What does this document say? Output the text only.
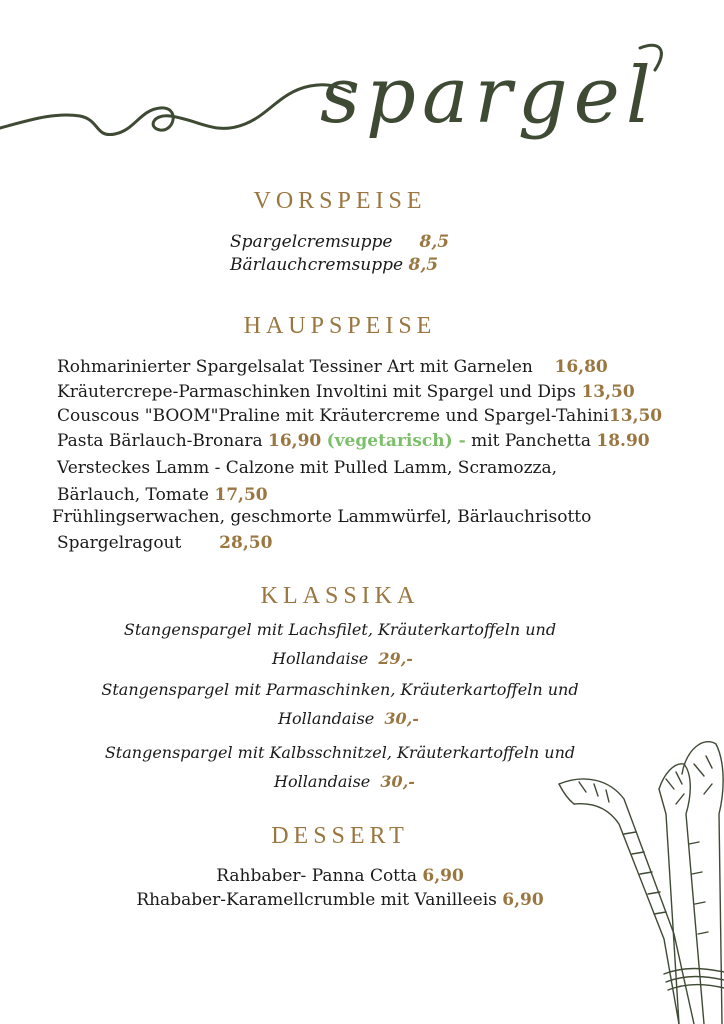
spargel
VORSPEISE
Spargelcremsuppe 8,5
Bärlauchcremsuppe 8,5
HAUPSPEISE
Rohmarinierter Spargelsalat Tessiner Art mit Garnelen 16,80
Kräutercrepe-Parmaschinken Involtini mit Spargel und Dips 13,50
Couscous "BOOM"Praline mit Kräutercreme und Spargel-Tahini13,50
Pasta Bärlauch-Bronara 16,90 (vegetarisch) - mit Panchetta 18.90
Versteckes Lamm - Calzone mit Pulled Lamm, Scramozza,
Bärlauch, Tomate 17,50
Frühlingserwachen, geschmorte Lammwürfel, Bärlauchrisotto
Spargelragout 28,50
KLASSIKA
Stangenspargel mit Lachsfilet, Kräuterkartoffeln und
Hollandaise 29,-
Stangenspargel mit Parmaschinken, Kräuterkartoffeln und
Hollandaise 30,-
Stangenspargel mit Kalbsschnitzel, Kräuterkartoffeln und
Hollandaise 30,-
DESSERT
Rahbaber- Panna Cotta 6,90
Rhababer-Karamellcrumble mit Vanilleeis 6,90
